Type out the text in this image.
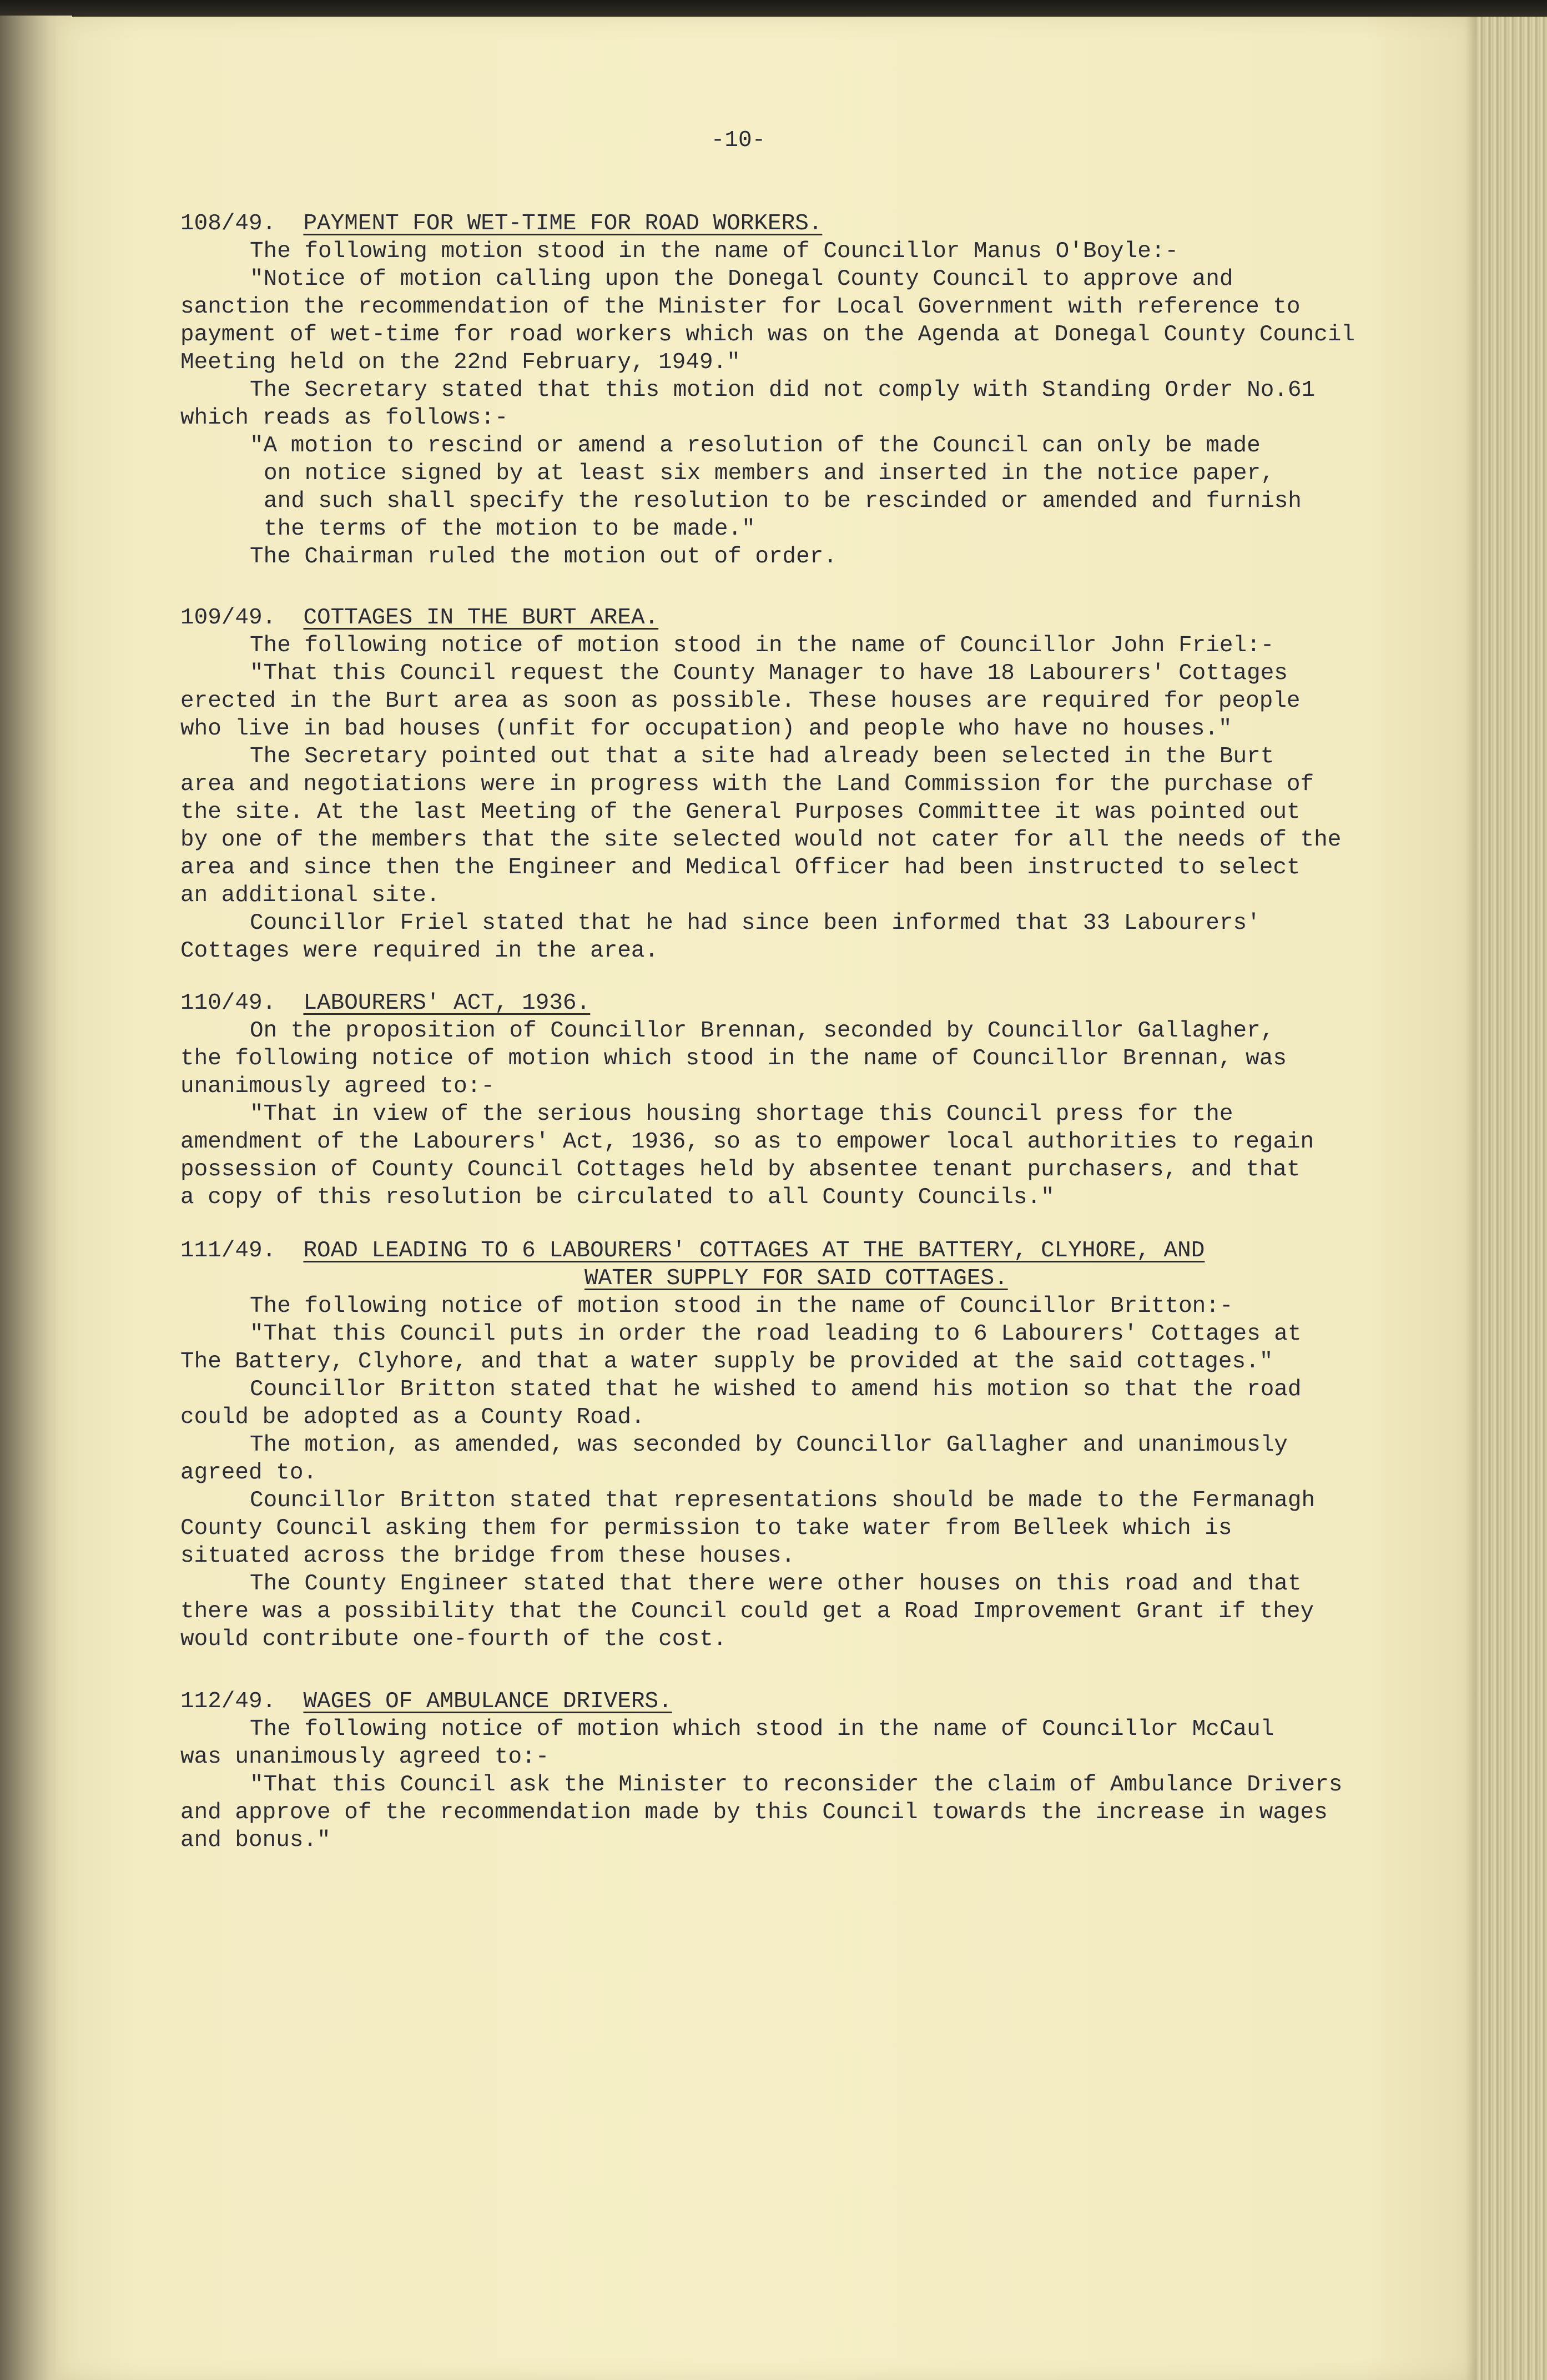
-10-
108/49. PAYMENT FOR WET-TIME FOR ROAD WORKERS.
The following motion stood in the name of Councillor Manus O'Boyle:-
"Notice of motion calling upon the Donegal County Council to approve and
sanction the recommendation of the Minister for Local Government with reference to
payment of wet-time for road workers which was on the Agenda at Donegal County Council
Meeting held on the 22nd February, 1949."
The Secretary stated that this motion did not comply with Standing Order No.61
which reads as follows:-
"A motion to rescind or amend a resolution of the Council can only be made
on notice signed by at least six members and inserted in the notice paper,
and such shall specify the resolution to be rescinded or amended and furnish
the terms of the motion to be made."
The Chairman ruled the motion out of order.
109/49. COTTAGES IN THE BURT AREA.
The following notice of motion stood in the name of Councillor John Friel:-
"That this Council request the County Manager to have 18 Labourers' Cottages
erected in the Burt area as soon as possible. These houses are required for people
who live in bad houses (unfit for occupation) and people who have no houses."
The Secretary pointed out that a site had already been selected in the Burt
area and negotiations were in progress with the Land Commission for the purchase of
the site. At the last Meeting of the General Purposes Committee it was pointed out
by one of the members that the site selected would not cater for all the needs of the
area and since then the Engineer and Medical Officer had been instructed to select
an additional site.
Councillor Friel stated that he had since been informed that 33 Labourers'
Cottages were required in the area.
110/49. LABOURERS' ACT, 1936.
On the proposition of Councillor Brennan, seconded by Councillor Gallagher,
the following notice of motion which stood in the name of Councillor Brennan, was
unanimously agreed to:-
"That in view of the serious housing shortage this Council press for the
amendment of the Labourers' Act, 1936, so as to empower local authorities to regain
possession of County Council Cottages held by absentee tenant purchasers, and that
a copy of this resolution be circulated to all County Councils."
111/49. ROAD LEADING TO 6 LABOURERS' COTTAGES AT THE BATTERY, CLYHORE, AND
WATER SUPPLY FOR SAID COTTAGES.
The following notice of motion stood in the name of Councillor Britton:-
"That this Council puts in order the road leading to 6 Labourers' Cottages at
The Battery, Clyhore, and that a water supply be provided at the said cottages."
Councillor Britton stated that he wished to amend his motion so that the road
could be adopted as a County Road.
The motion, as amended, was seconded by Councillor Gallagher and unanimously
agreed to.
Councillor Britton stated that representations should be made to the Fermanagh
County Council asking them for permission to take water from Belleek which is
situated across the bridge from these houses.
The County Engineer stated that there were other houses on this road and that
there was a possibility that the Council could get a Road Improvement Grant if they
would contribute one-fourth of the cost.
112/49. WAGES OF AMBULANCE DRIVERS.
The following notice of motion which stood in the name of Councillor McCaul
was unanimously agreed to:-
"That this Council ask the Minister to reconsider the claim of Ambulance Drivers
and approve of the recommendation made by this Council towards the increase in wages
and bonus."
